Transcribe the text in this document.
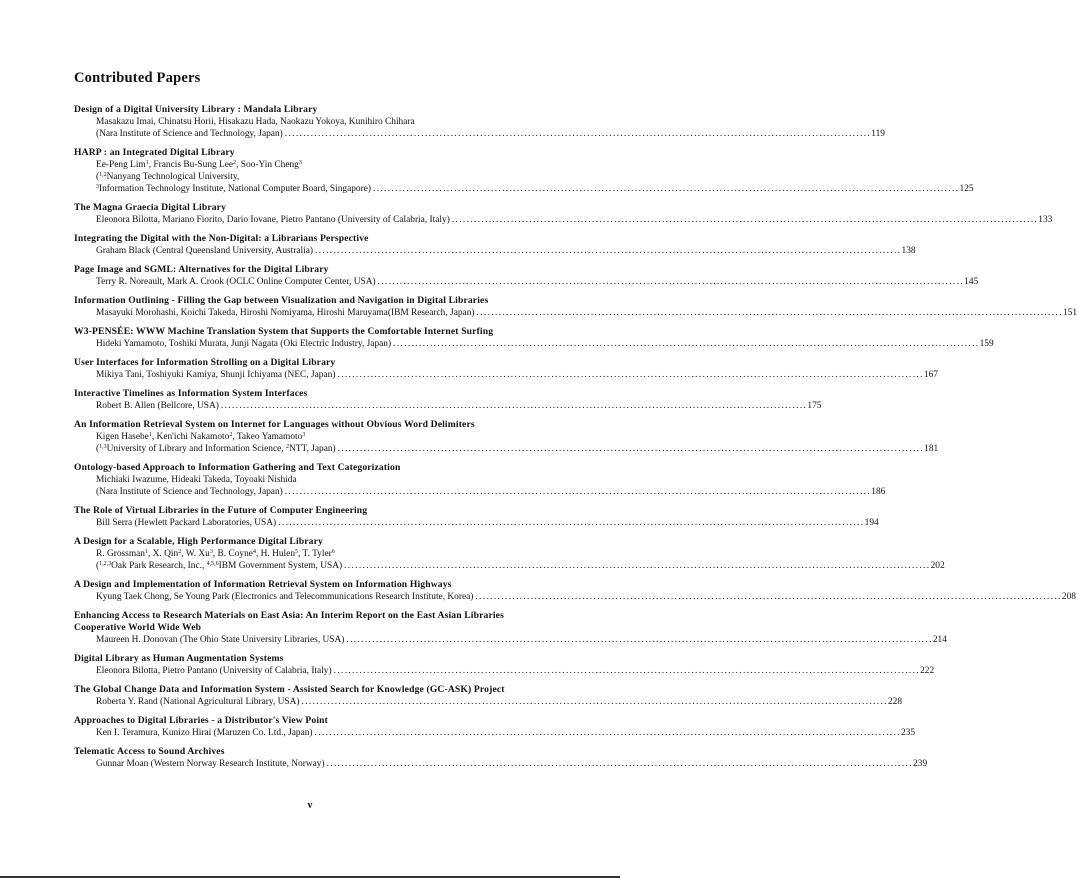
Contributed Papers
Design of a Digital University Library : Mandala Library
Masakazu Imai, Chinatsu Horii, Hisakazu Hada, Naokazu Yokoya, Kunihiro Chihara
(Nara Institute of Science and Technology, Japan) . . .	119
HARP : an Integrated Digital Library
Ee-Peng Lim$^1$, Francis Bu-Sung Lee$^2$, Soo-Yin Cheng$^3$
($^{1,2}$Nanyang Technological University,
$^3$Information Technology Institute, National Computer Board, Singapore) . . .	125
The Magna Graecia Digital Library
Eleonora Bilotta, Mariano Fiorito, Dario Iovane, Pietro Pantano (University of Calabria, Italy) . . .	133
Integrating the Digital with the Non-Digital: a Librarians Perspective
Graham Black (Central Queensland University, Australia) . . .	138
Page Image and SGML: Alternatives for the Digital Library
Terry R. Noreault, Mark A. Crook (OCLC Online Computer Center, USA) . . .	145
Information Outlining - Filling the Gap between Visualization and Navigation in Digital Libraries
Masayuki Morohashi, Koichi Takeda, Hiroshi Nomiyama, Hiroshi Maruyama(IBM Research, Japan) . . .	151
W3-PENSÉE: WWW Machine Translation System that Supports the Comfortable Internet Surfing
Hideki Yamamoto, Toshiki Murata, Junji Nagata (Oki Electric Industry, Japan) . . .	159
User Interfaces for Information Strolling on a Digital Library
Mikiya Tani, Toshiyuki Kamiya, Shunji Ichiyama (NEC, Japan) . . .	167
Interactive Timelines as Information System Interfaces
Robert B. Allen (Bellcore, USA) . . .	175
An Information Retrieval System on Internet for Languages without Obvious Word Delimiters
Kigen Hasebe$^1$, Ken'ichi Nakamoto$^2$, Takeo Yamamoto$^3$
($^{1,3}$University of Library and Information Science, $^2$NTT, Japan) . . .	181
Ontology-based Approach to Information Gathering and Text Categorization
Michiaki Iwazume, Hideaki Takeda, Toyoaki Nishida
(Nara Institute of Science and Technology, Japan) . . .	186
The Role of Virtual Libraries in the Future of Computer Engineering
Bill Serra (Hewlett Packard Laboratories, USA) . . .	194
A Design for a Scalable, High Performance Digital Library
R. Grossman$^1$, X. Qin$^2$, W. Xu$^3$, B. Coyne$^4$, H. Hulen$^5$, T. Tyler$^6$
($^{1,2,3}$Oak Park Research, Inc., $^{4,5,6}$IBM Government System, USA) . . .	202
A Design and Implementation of Information Retrieval System on Information Highways
Kyung Taek Chong, Se Young Park (Electronics and Telecommunications Research Institute, Korea) . . .	208
Enhancing Access to Research Materials on East Asia: An Interim Report on the East Asian Libraries Cooperative World Wide Web
Maureen H. Donovan (The Ohio State University Libraries, USA) . . .	214
Digital Library as Human Augmentation Systems
Eleonora Bilotta, Pietro Pantano (University of Calabria, Italy) . . .	222
The Global Change Data and Information System - Assisted Search for Knowledge (GC-ASK) Project
Roberta Y. Rand (National Agricultural Library, USA) . . .	228
Approaches to Digital Libraries - a Distributor's View Point
Ken I. Teramura, Kunizo Hirai (Maruzen Co. Ltd., Japan) . . .	235
Telematic Access to Sound Archives
Gunnar Moan (Western Norway Research Institute, Norway) . . .	239
v
